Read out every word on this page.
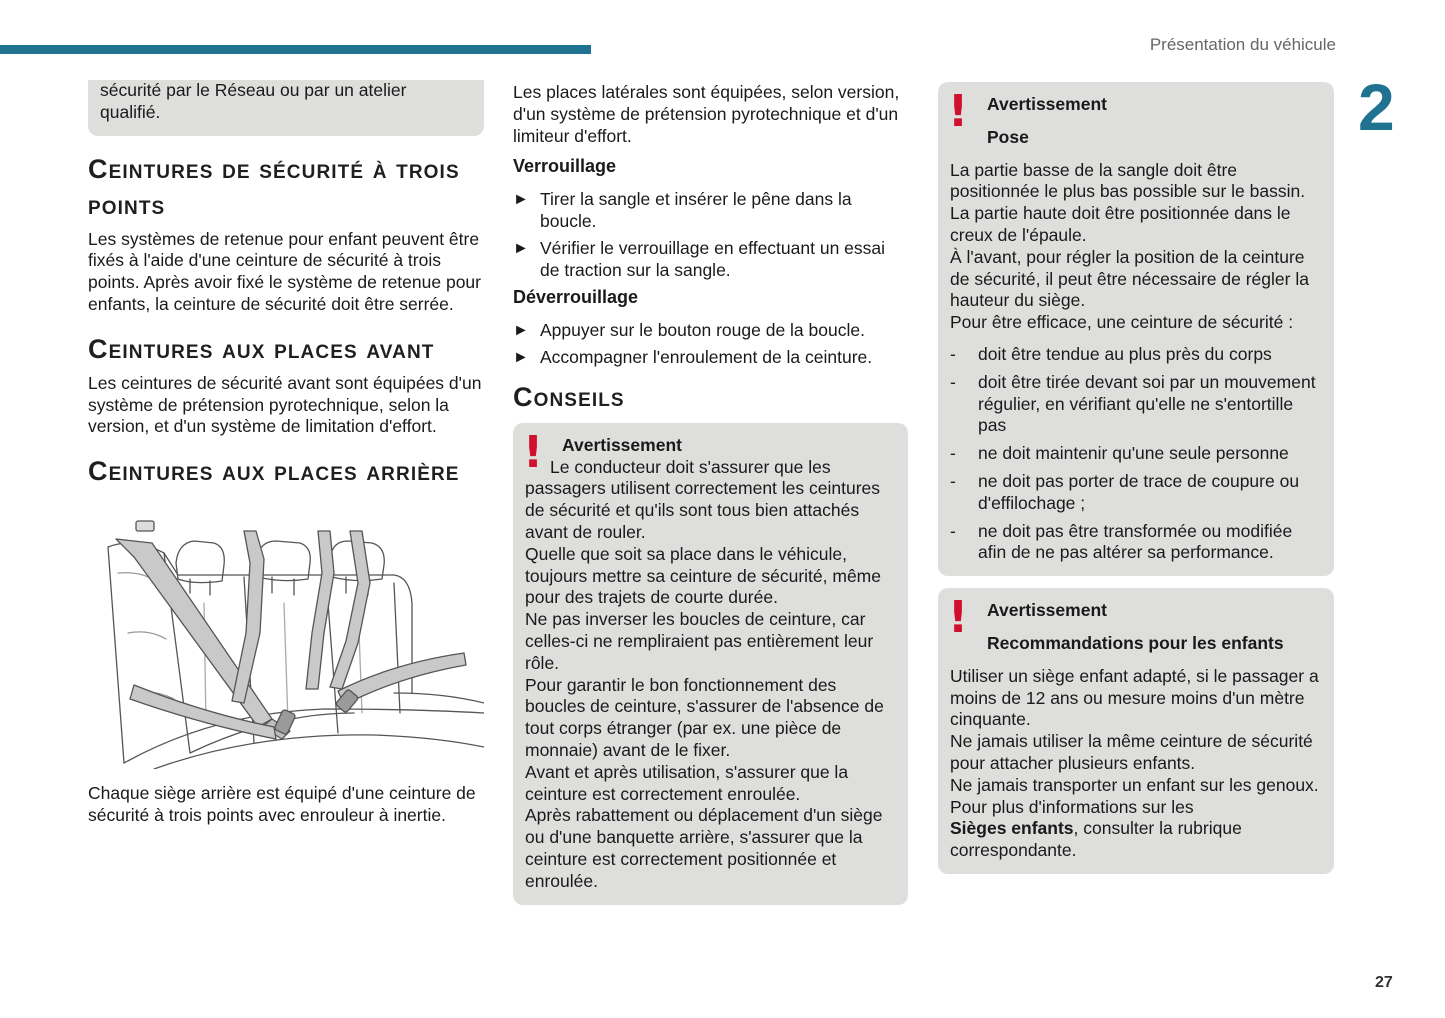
Présentation du véhicule
2
27

sécurité par le Réseau ou par un atelier qualifié.

Ceintures de sécurité à trois points

Les systèmes de retenue pour enfant peuvent être fixés à l'aide d'une ceinture de sécurité à trois points. Après avoir fixé le système de retenue pour enfants, la ceinture de sécurité doit être serrée.

Ceintures aux places avant

Les ceintures de sécurité avant sont équipées d'un système de prétension pyrotechnique, selon la version, et d'un système de limitation d'effort.

Ceintures aux places arrière

Chaque siège arrière est équipé d'une ceinture de sécurité à trois points avec enrouleur à inertie.

Les places latérales sont équipées, selon version, d'un système de prétension pyrotechnique et d'un limiteur d'effort.

Verrouillage
► Tirer la sangle et insérer le pêne dans la boucle.
► Vérifier le verrouillage en effectuant un essai de traction sur la sangle.
Déverrouillage
► Appuyer sur le bouton rouge de la boucle.
► Accompagner l'enroulement de la ceinture.
Conseils
!	Avertissement

Le conducteur doit s'assurer que les passagers utilisent correctement les ceintures de sécurité et qu'ils sont tous bien attachés avant de rouler.

Quelle que soit sa place dans le véhicule, toujours mettre sa ceinture de sécurité, même pour des trajets de courte durée.

Ne pas inverser les boucles de ceinture, car celles-ci ne rempliraient pas entièrement leur rôle.

Pour garantir le bon fonctionnement des boucles de ceinture, s'assurer de l'absence de tout corps étranger (par ex. une pièce de monnaie) avant de le fixer.

Avant et après utilisation, s'assurer que la ceinture est correctement enroulée.

Après rabattement ou déplacement d'un siège ou d'une banquette arrière, s'assurer que la ceinture est correctement positionnée et enroulée.

!	Avertissement
Pose

La partie basse de la sangle doit être positionnée le plus bas possible sur le bassin.

La partie haute doit être positionnée dans le creux de l'épaule.

À l'avant, pour régler la position de la ceinture de sécurité, il peut être nécessaire de régler la hauteur du siège.

Pour être efficace, une ceinture de sécurité :

- doit être tendue au plus près du corps
- doit être tirée devant soi par un mouvement régulier, en vérifiant qu'elle ne s'entortille pas
- ne doit maintenir qu'une seule personne
- ne doit pas porter de trace de coupure ou d'effilochage ;
- ne doit pas être transformée ou modifiée afin de ne pas altérer sa performance.
!	Avertissement
Recommandations pour les enfants

Utiliser un siège enfant adapté, si le passager a moins de 12 ans ou mesure moins d'un mètre cinquante.

Ne jamais utiliser la même ceinture de sécurité pour attacher plusieurs enfants.

Ne jamais transporter un enfant sur les genoux.

Pour plus d'informations sur les

Sièges enfants, consulter la rubrique correspondante.
